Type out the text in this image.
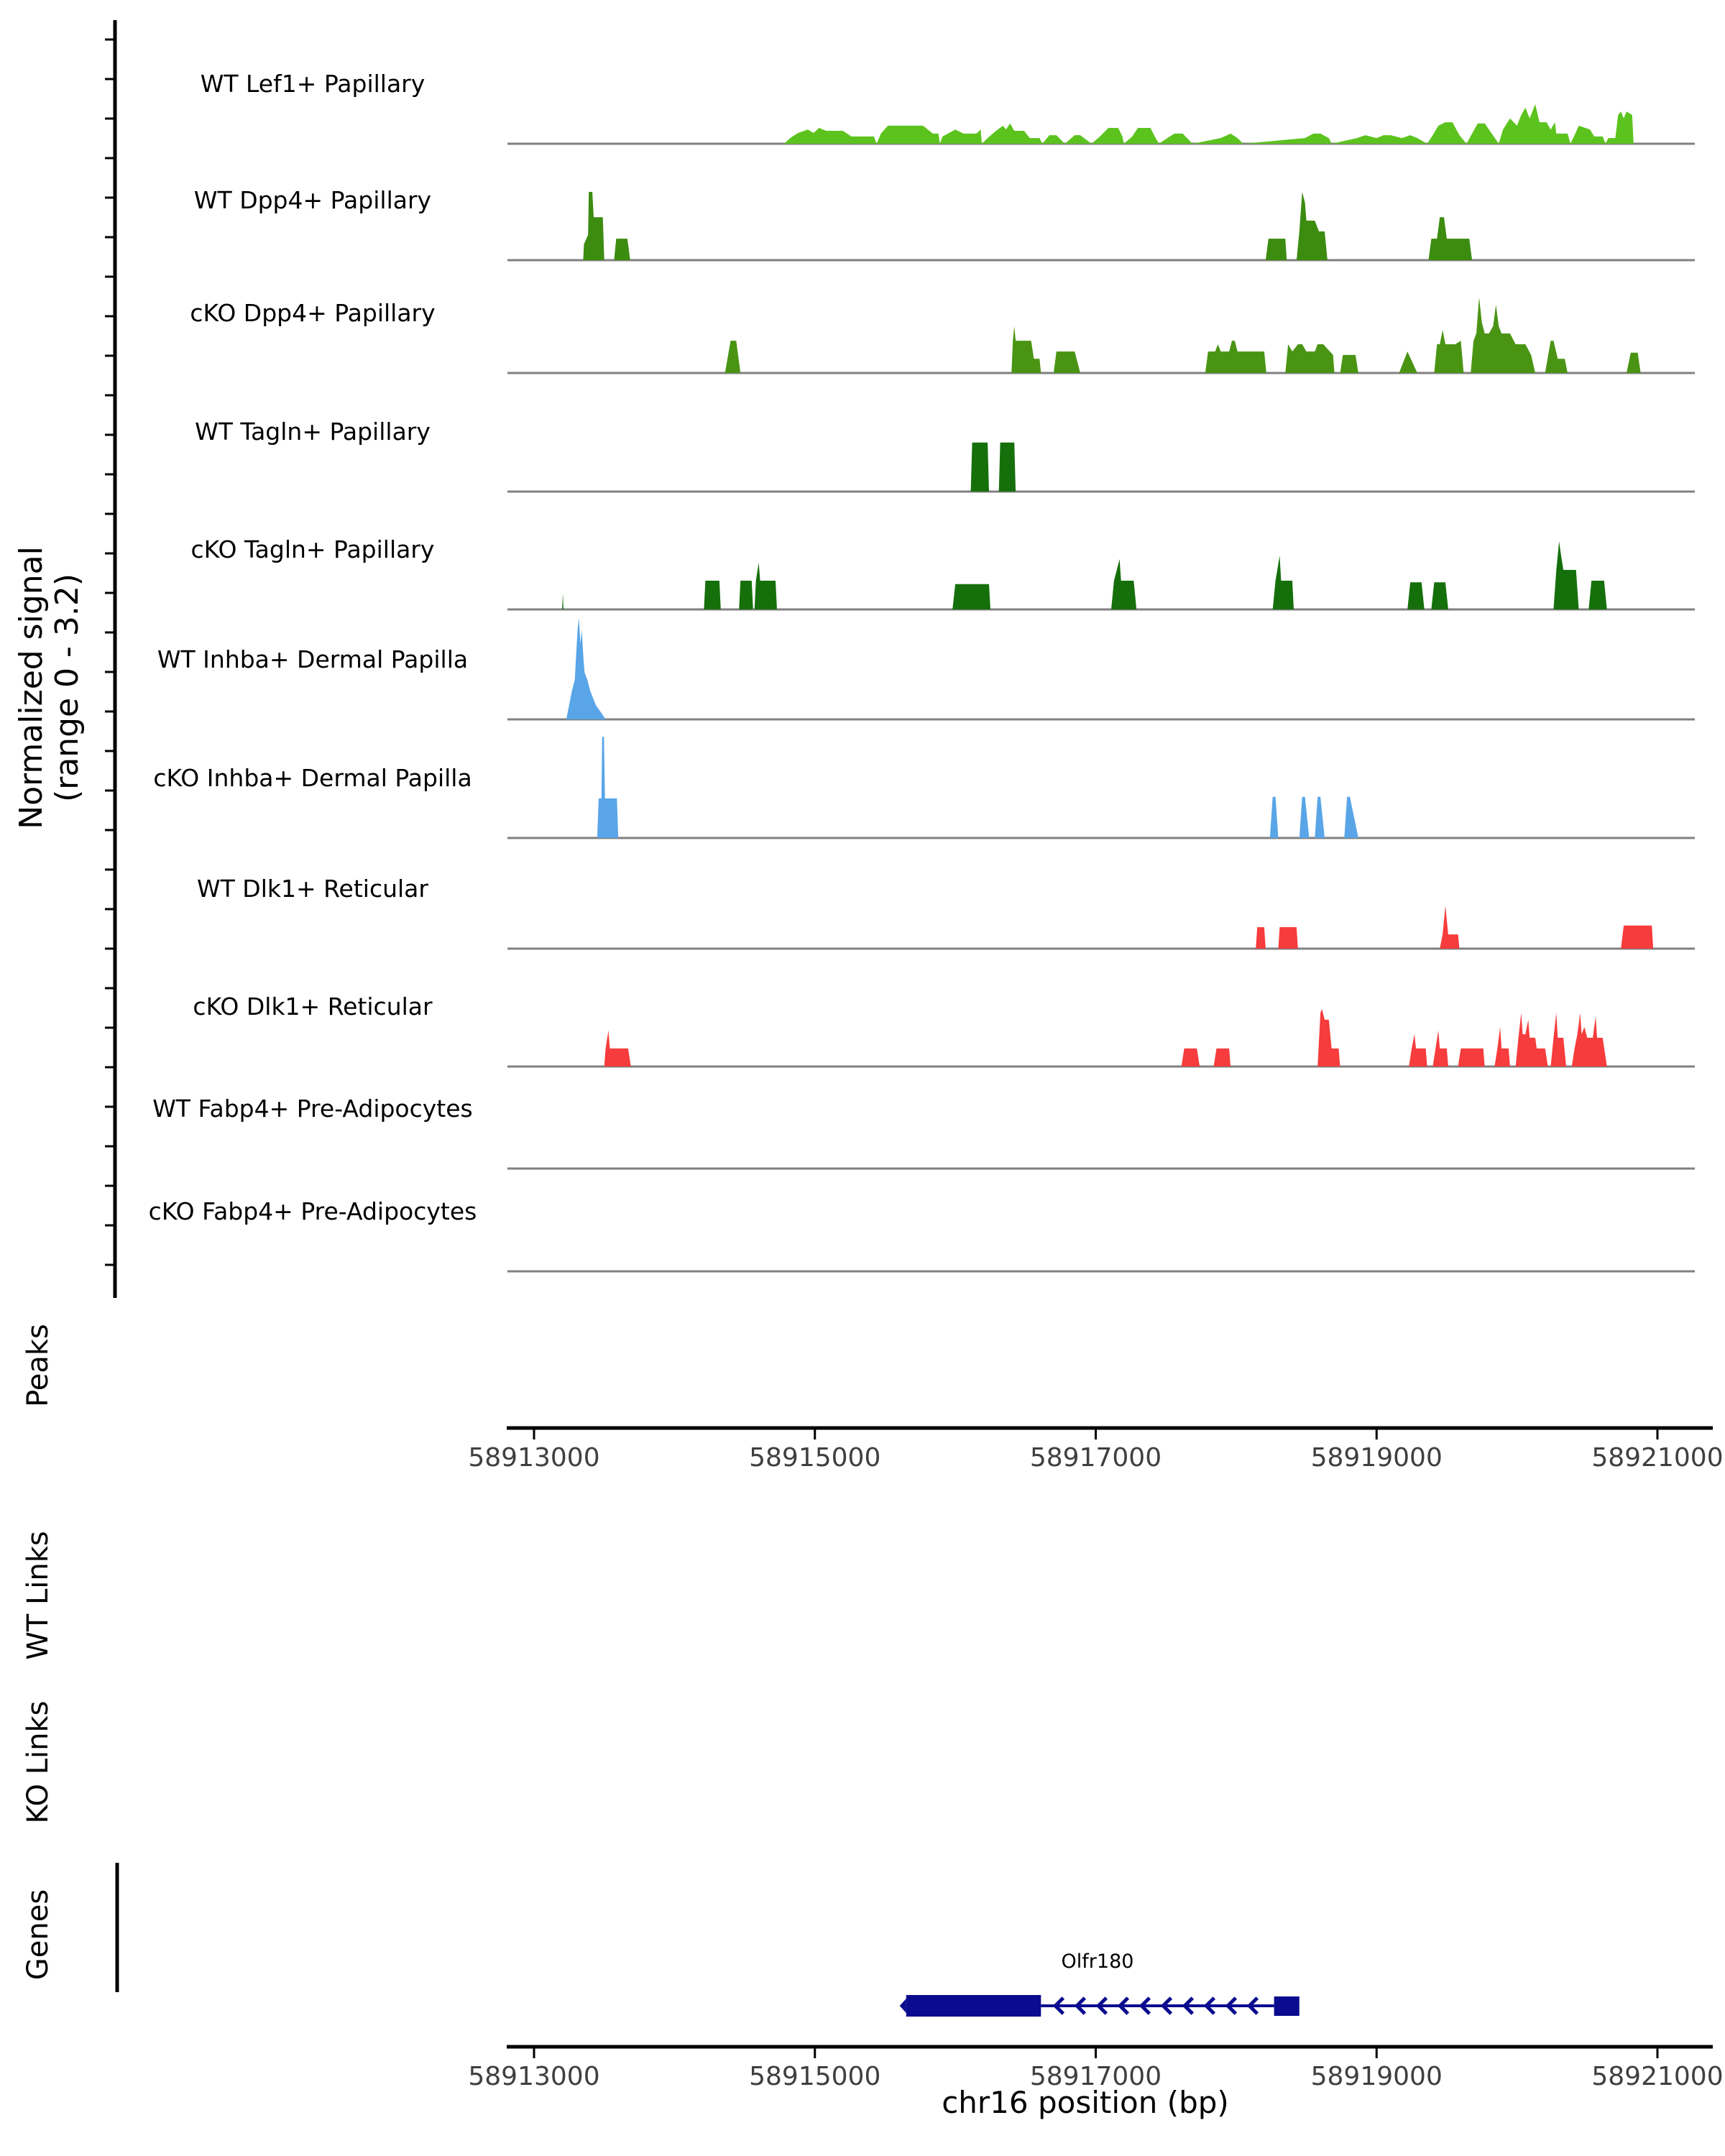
Normalized signal (range 0 - 3.2)
Peaks
WT Links
KO Links
Genes	Olfr180
chr16 position (bp)
WT Lef1+ Papillary
WT Dpp4+ Papillary
cKO Dpp4+ Papillary
WT Tagln+ Papillary
cKO Tagln+ Papillary
WT Inhba+ Dermal Papilla
cKO Inhba+ Dermal Papilla
WT Dlk1+ Reticular
cKO Dlk1+ Reticular
WT Fabp4+ Pre-Adipocytes
cKO Fabp4+ Pre-Adipocytes
58913000	58915000	58917000	58919000	58921000
58913000	58915000	58917000	58919000	58921000
